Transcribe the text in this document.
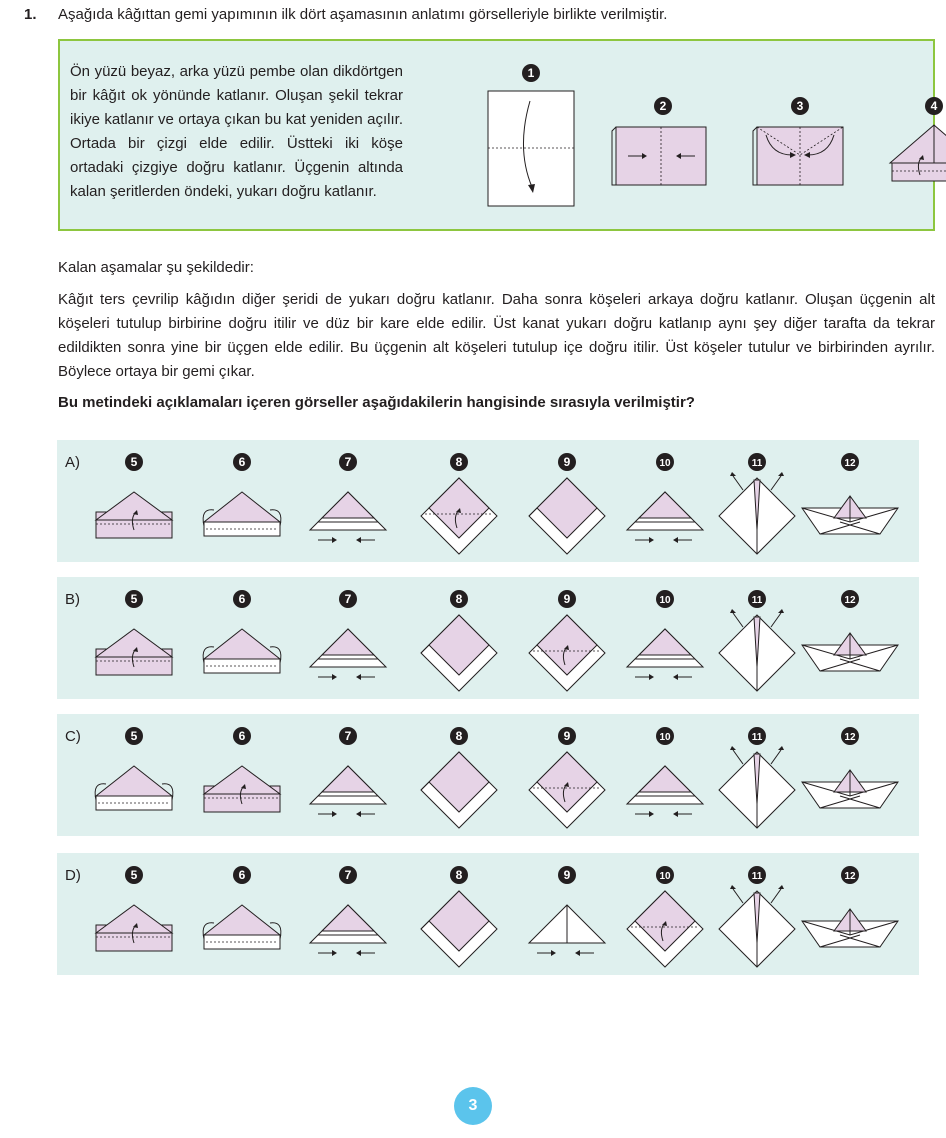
1. Aşağıda kâğıttan gemi yapımının ilk dört aşamasının anlatımı görselleriyle birlikte verilmiştir.
Ön yüzü beyaz, arka yüzü pembe olan dikdörtgen bir kâğıt ok yönünde katlanır. Oluşan şekil tekrar ikiye katlanır ve ortaya çıkan bu kat yeniden açılır. Ortada bir çizgi elde edilir. Üstteki iki köşe ortadaki çizgiye doğru katlanır. Üçgenin altında kalan şeritlerden öndeki, yukarı doğru katlanır.
1
2	3	4
Kalan aşamalar şu şekildedir:
Kâğıt ters çevrilip kâğıdın diğer şeridi de yukarı doğru katlanır. Daha sonra köşeleri arkaya doğru katlanır. Oluşan üçgenin alt köşeleri tutulup birbirine doğru itilir ve düz bir kare elde edilir. Üst kanat yukarı doğru katlanıp aynı şey diğer tarafta da tekrar edildikten sonra yine bir üçgen elde edilir. Bu üçgenin alt köşeleri tutulup içe doğru itilir. Üst köşeler tutulur ve birbirinden ayrılır. Böylece ortaya bir gemi çıkar.
Bu metindeki açıklamaları içeren görseller aşağıdakilerin hangisinde sırasıyla verilmiştir?
A)	5	6	7	8	9	10	11	12
B)	5	6	7	8	9	10	11	12
C)	5	6	7	8	9	10	11	12
D)	5	6	7	8	9	10	11	12
3
